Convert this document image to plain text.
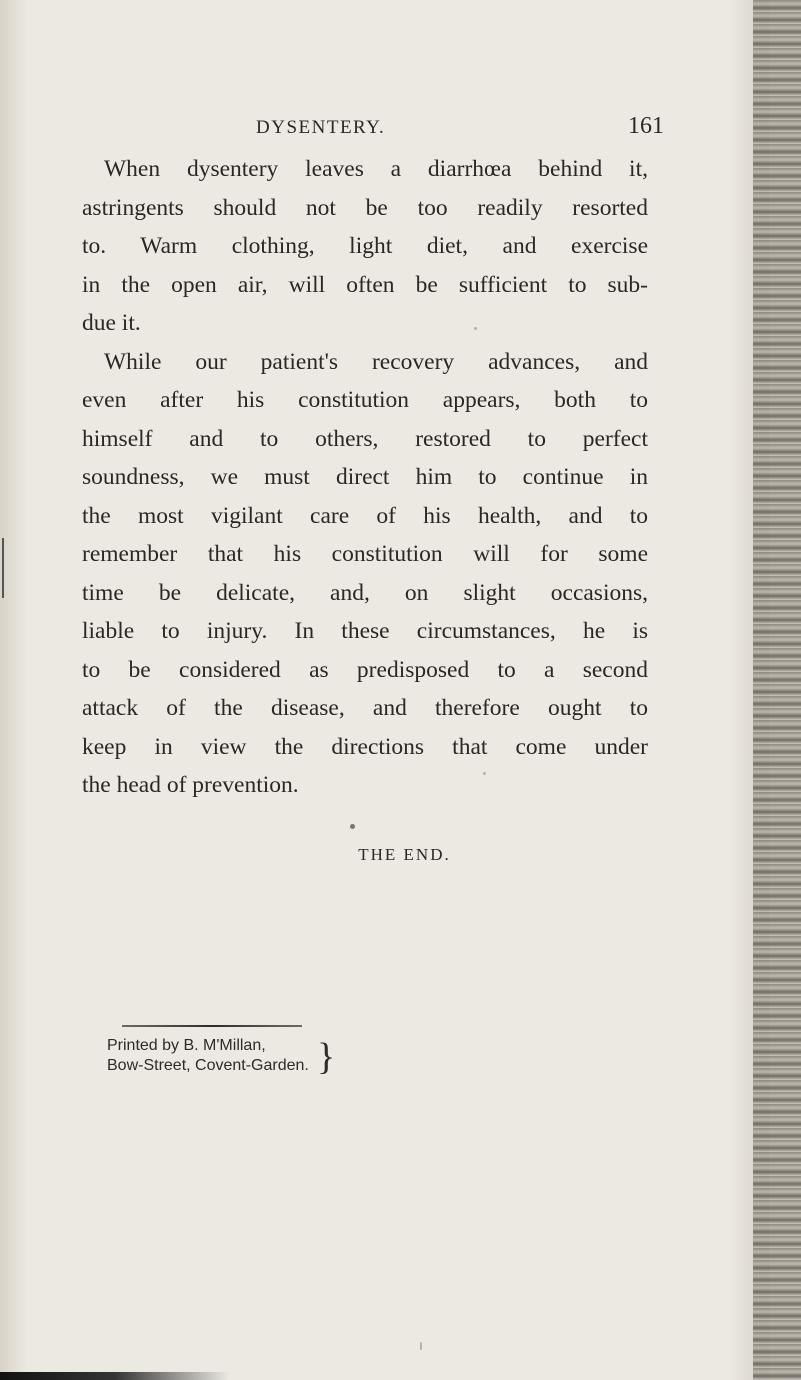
DYSENTERY.	161
When dysentery leaves a diarrhœa behind it,
astringents should not be too readily resorted
to. Warm clothing, light diet, and exercise
in the open air, will often be sufficient to sub-
due it.
While our patient's recovery advances, and
even after his constitution appears, both to
himself and to others, restored to perfect
soundness, we must direct him to continue in
the most vigilant care of his health, and to
remember that his constitution will for some
time be delicate, and, on slight occasions,
liable to injury. In these circumstances, he is
to be considered as predisposed to a second
attack of the disease, and therefore ought to
keep in view the directions that come under
the head of prevention.
THE END.
Printed by B. M'Millan,
Bow-Street, Covent-Garden. }
